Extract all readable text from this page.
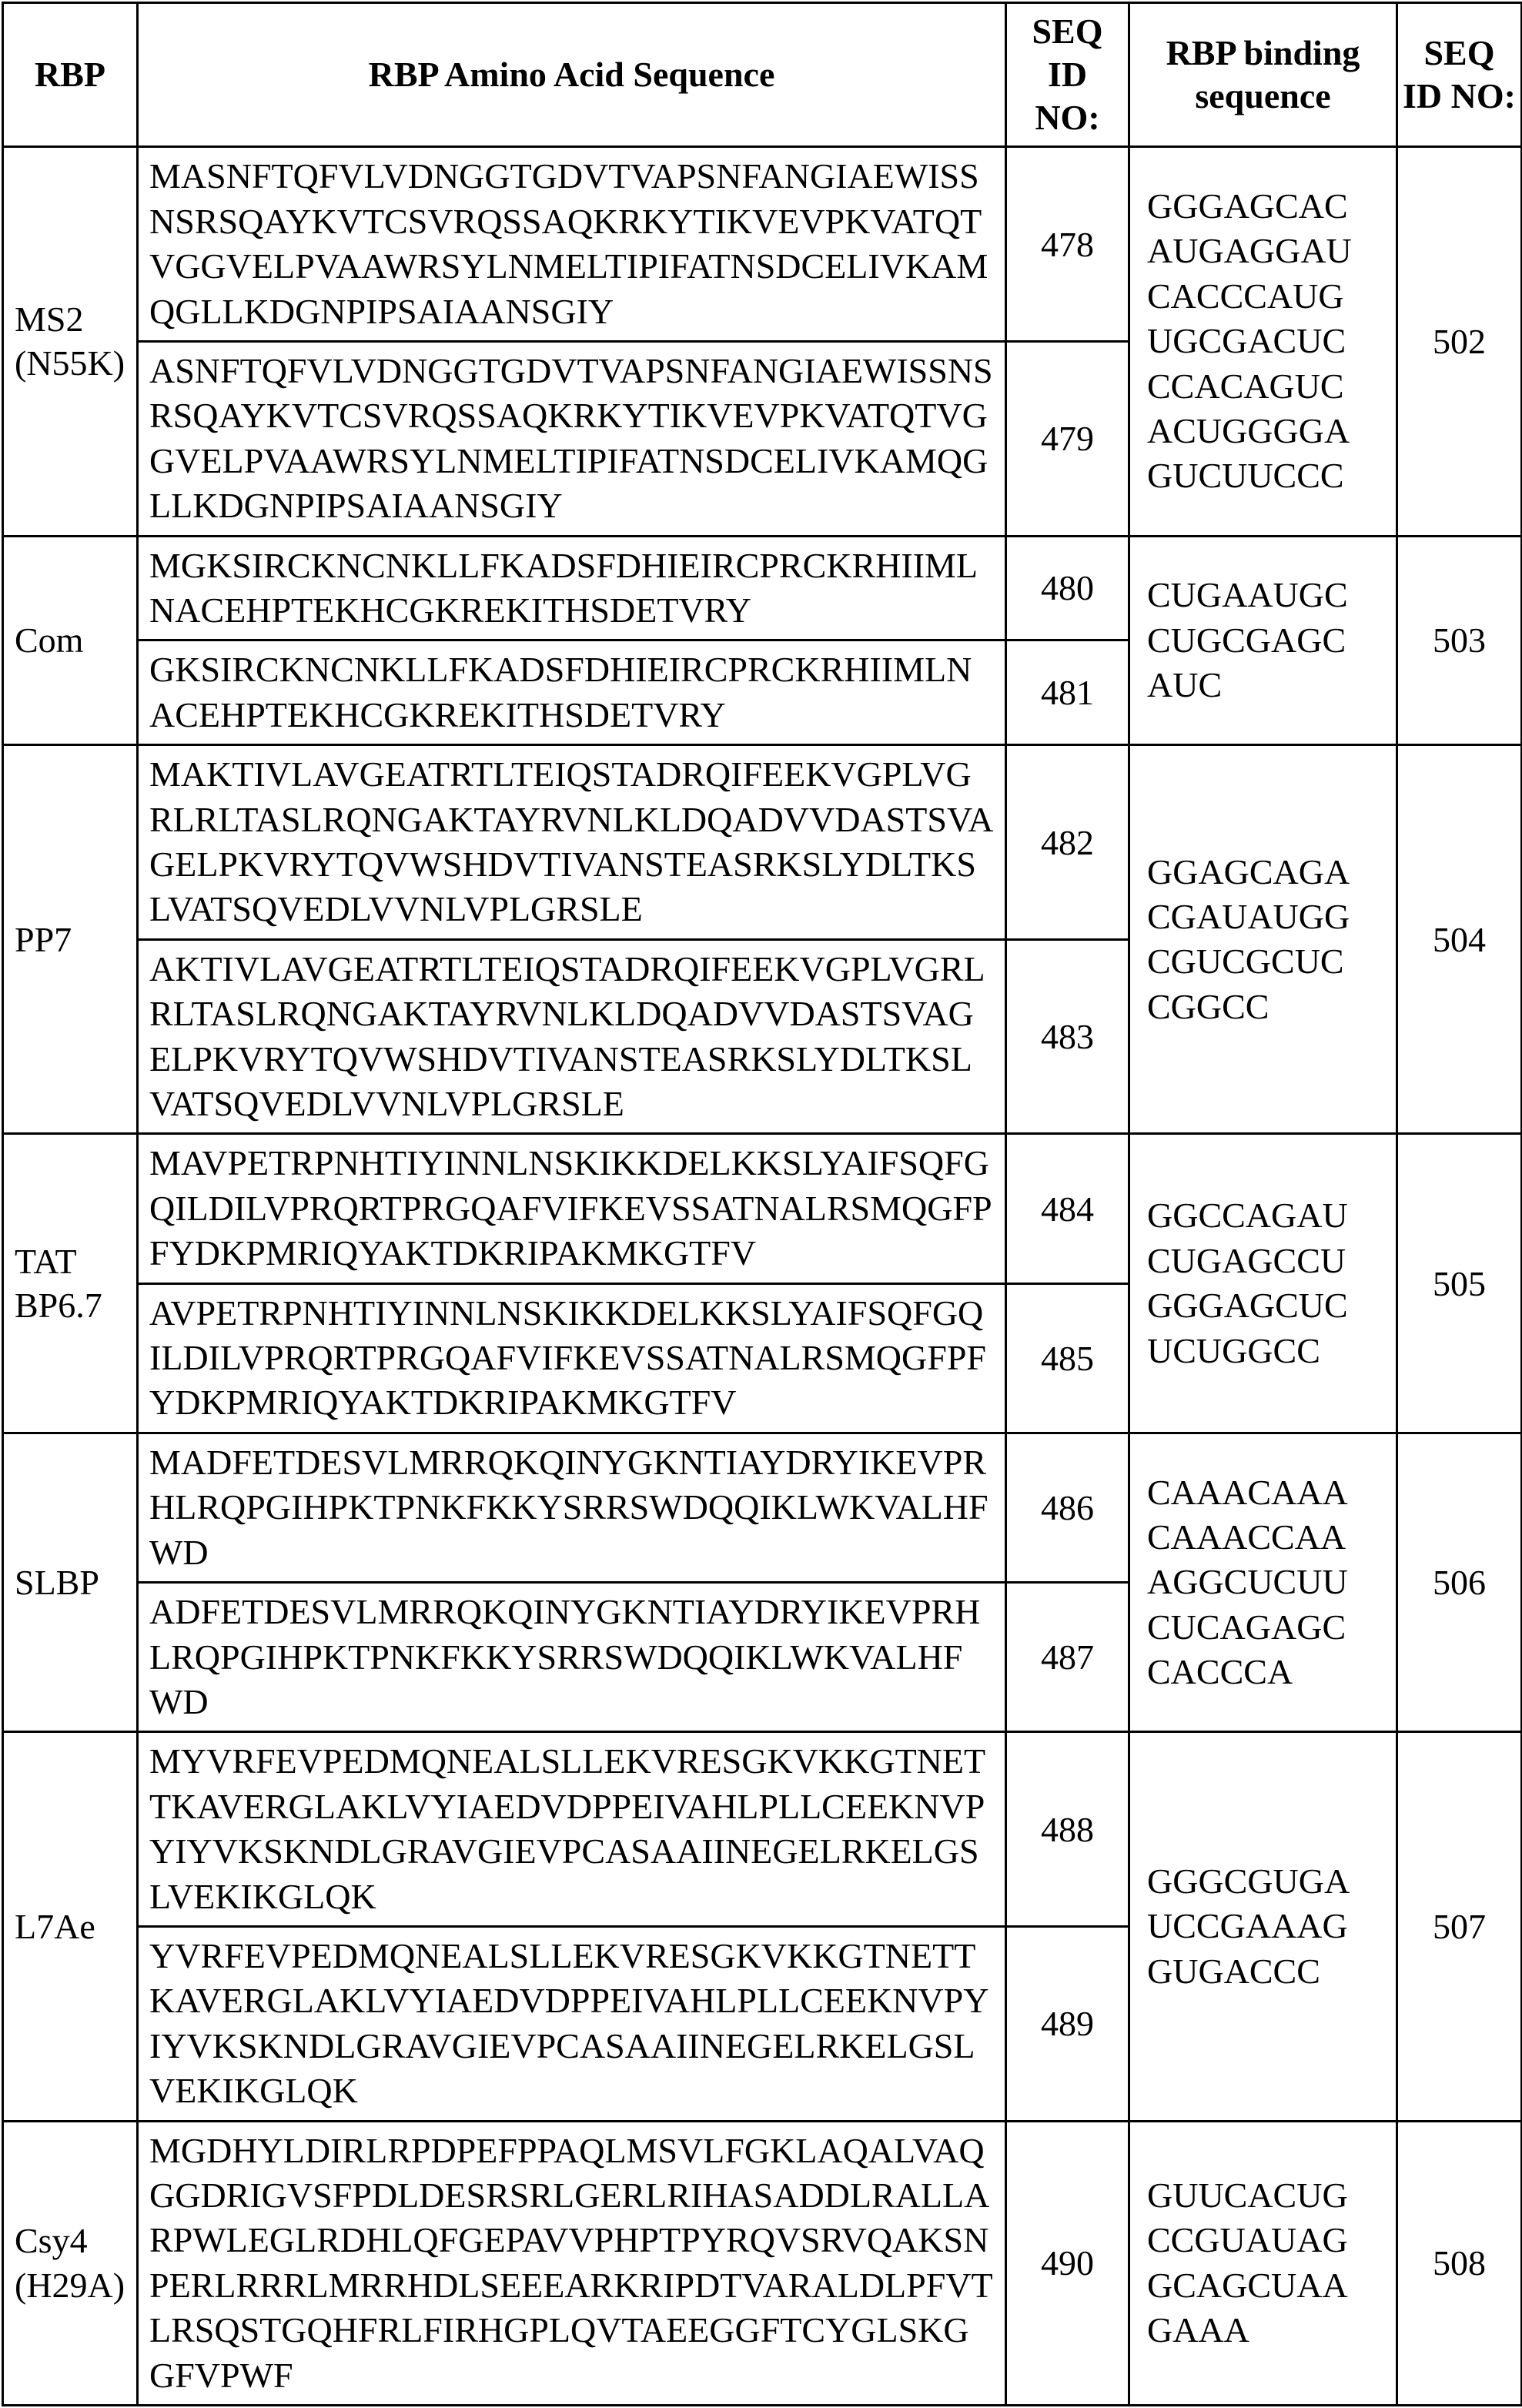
RBP	RBP Amino Acid Sequence	SEQ ID NO:	RBP binding sequence	SEQ ID NO:
MS2 (N55K)	MASNFTQFVLVDNGGTGDVTVAPSNFANGIAEWISSNSRSQAYKVTCSVRQSSAQKRKYTIKVEVPKVATQTVGGVELPVAAWRSYLNMELTIPIFATNSDCELIVKAMQGLLKDGNPIPSAIAANSGIY	478	GGGAGCACAUGAGGAUCACCCAUGUGCGACUCCCACAGUCACUGGGGAGUCUUCCC	502
	ASNFTQFVLVDNGGTGDVTVAPSNFANGIAEWISSNSRSQAYKVTCSVRQSSAQKRKYTIKVEVPKVATQTVGGVELPVAAWRSYLNMELTIPIFATNSDCELIVKAMQGLLKDGNPIPSAIAANSGIY	479		
Com	MGKSIRCKNCNKLLFKADSFDHIEIRCPRCKRHIIMLNACEHPTEKHCGKREKITHSDETVRY	480	CUGAAUGCCUGCGAGCAUC	503
	GKSIRCKNCNKLLFKADSFDHIEIRCPRCKRHIIMLNACEHPTEKHCGKREKITHSDETVRY	481		
PP7	MAKTIVLAVGEATRTLTEIQSTADRQIFEEKVGPLVGRLRLTASLRQNGAKTAYRVNLKLDQADVVDASTSVAGELPKVRYTQVWSHDVTIVANSTEASRKSLYDLTKSLVATSQVEDLVVNLVPLGRSLE	482	GGAGCAGACGAUAUGGCGUCGCUCCGGCC	504
	AKTIVLAVGEATRTLTEIQSTADRQIFEEKVGPLVGRLRLTASLRQNGAKTAYRVNLKLDQADVVDASTSVAGELPKVRYTQVWSHDVTIVANSTEASRKSLYDLTKSLVATSQVEDLVVNLVPLGRSLE	483		
TAT BP6.7	MAVPETRPNHTIYINNLNSKIKKDELKKSLYAIFSQFGQILDILVPRQRTPRGQAFVIFKEVSSATNALRSMQGFPFYDKPMRIQYAKTDKRIPAKMKGTFV	484	GGCCAGAUCUGAGCCUGGGAGCUCUCUGGCC	505
	AVPETRPNHTIYINNLNSKIKKDELKKSLYAIFSQFGQILDILVPRQRTPRGQAFVIFKEVSSATNALRSMQGFPFYDKPMRIQYAKTDKRIPAKMKGTFV	485		
SLBP	MADFETDESVLMRRQKQINYGKNTIAYDRYIKEVPRHLRQPGIHPKTPNKFKKYSRRSWDQQIKLWKVALHFWD	486	CAAACAAACAAACCAAAGGCUCUUCUCAGAGCCACCCA	506
	ADFETDESVLMRRQKQINYGKNTIAYDRYIKEVPRHLRQPGIHPKTPNKFKKYSRRSWDQQIKLWKVALHFWD	487		
L7Ae	MYVRFEVPEDMQNEALSLLEKVRESGKVKKGTNETTKAVERGLAKLVYIAEDVDPPEIVAHLPLLCEEKNVPYIYVKSKNDLGRAVGIEVPCASAAIINEGELRKELGSLVEKIKGLQK	488	GGGCGUGAUCCGAAAGGUGACCC	507
	YVRFEVPEDMQNEALSLLEKVRESGKVKKGTNETTKAVERGLAKLVYIAEDVDPPEIVAHLPLLCEEKNVPYIYVKSKNDLGRAVGIEVPCASAAIINEGELRKELGSLVEKIKGLQK	489		
Csy4 (H29A)	MGDHYLDIRLRPDPEFPPAQLMSVLFGKLAQALVAQGGDRIGVSFPDLDESRSRLGERLRIHASADDLRALLARPWLEGLRDHLQFGEPAVVPHPTPYRQVSRVQAKSNPERLRRRLMRRHDLSEEEARKRIPDTVARALDLPFVTLRSQSTGQHFRLFIRHGPLQVTAEEGGFTCYGLSKGGFVPWF	490	GUUCACUGCCGUAUAGGCAGCUAAGAAA	508
